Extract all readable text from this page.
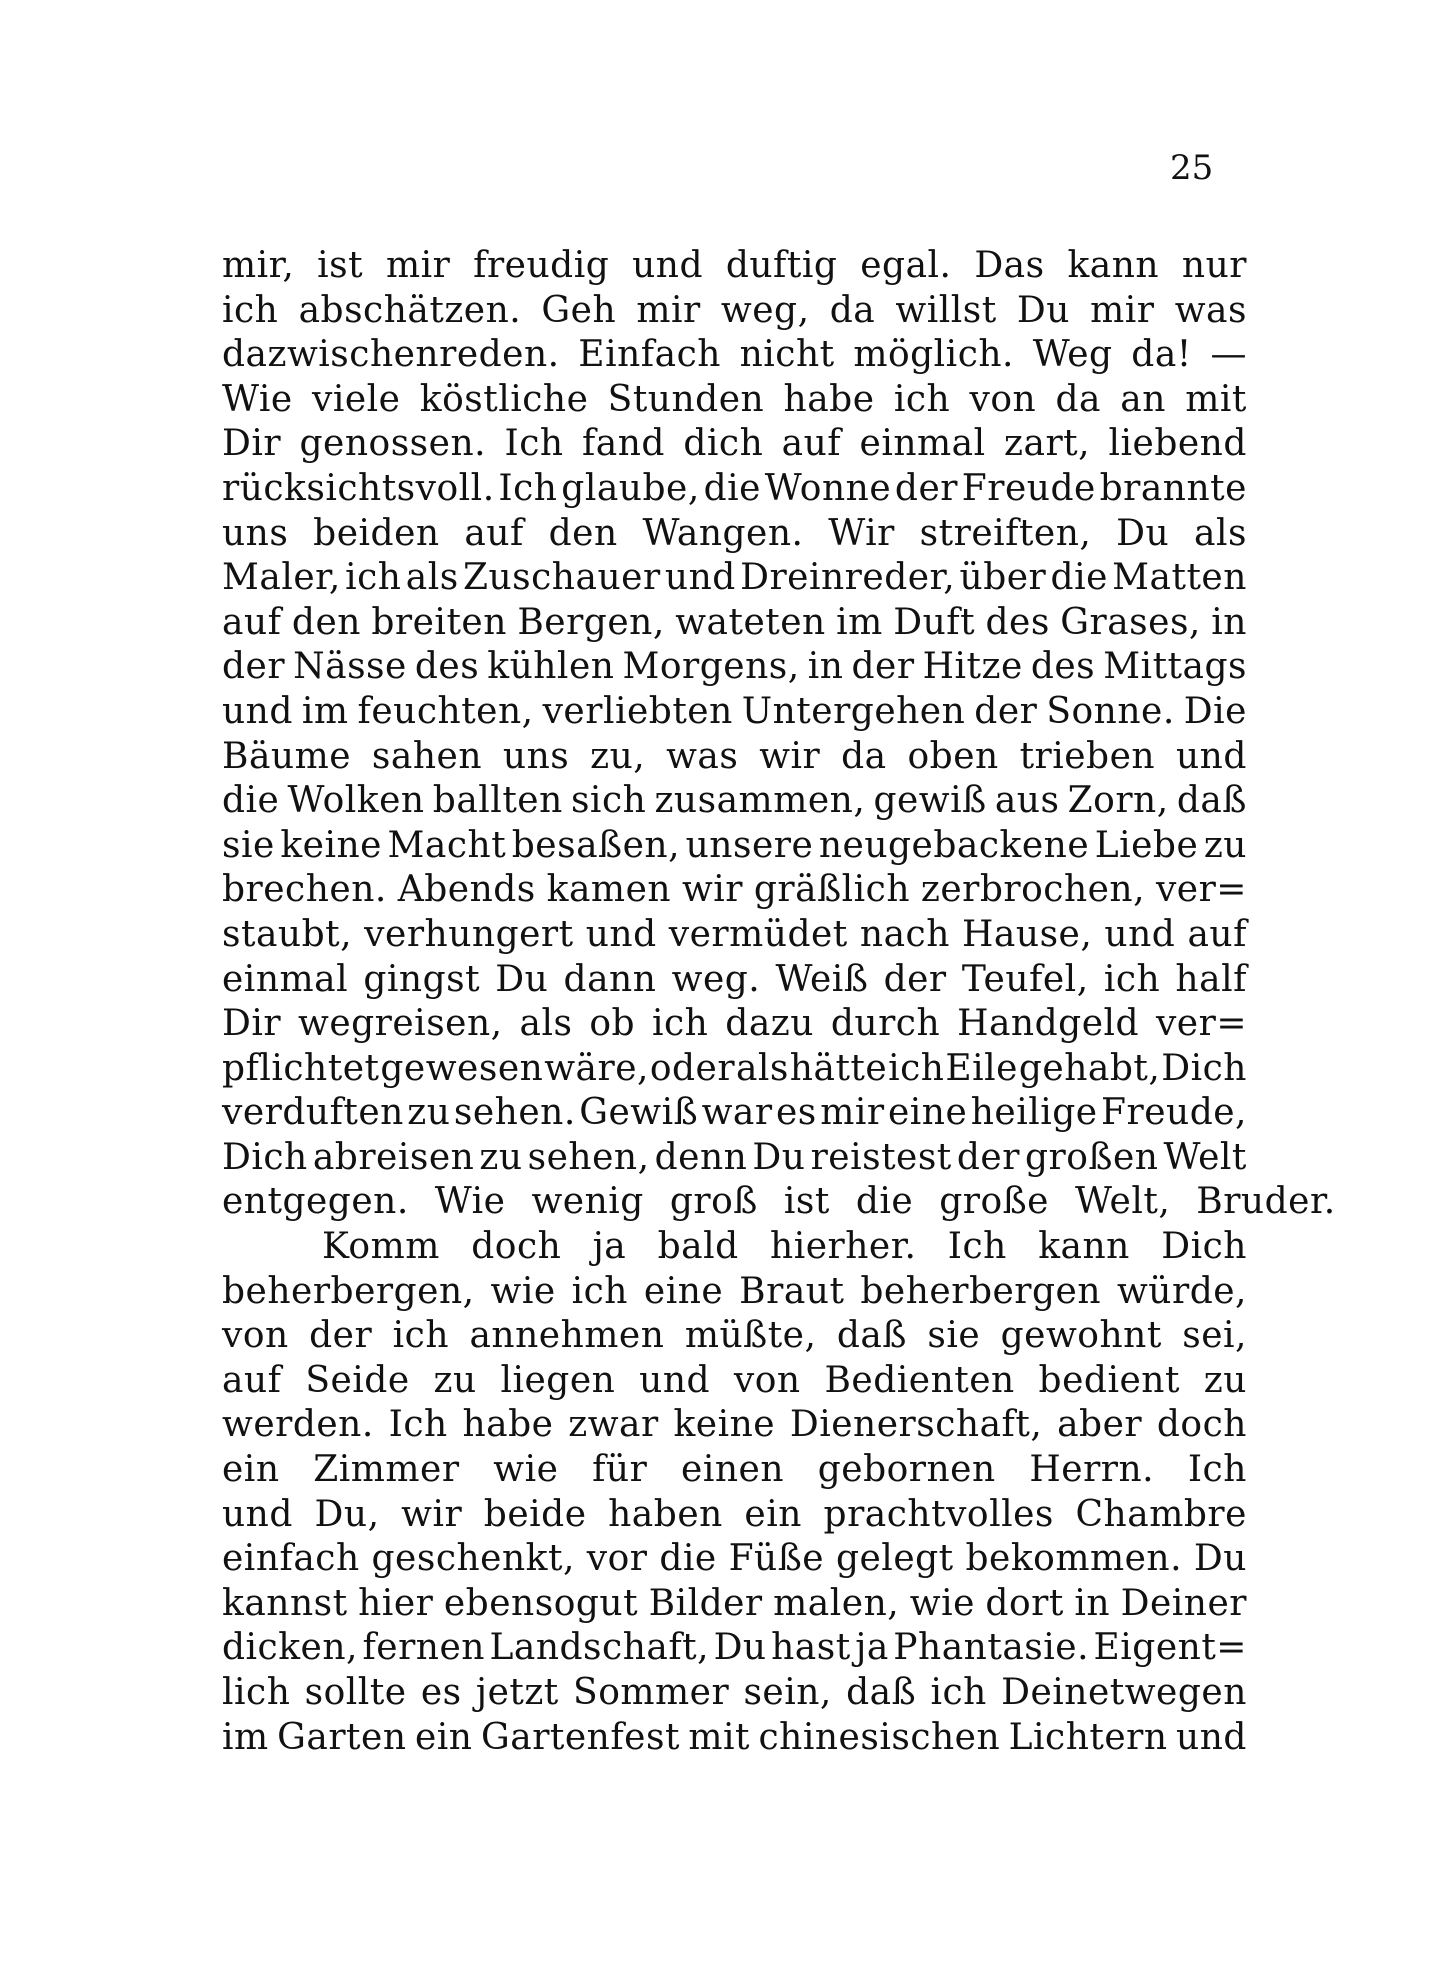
25
mir, ist mir freudig und duftig egal. Das kann nur
ich abschätzen. Geh mir weg, da willst Du mir was
dazwischenreden. Einfach nicht möglich. Weg da! —
Wie viele köstliche Stunden habe ich von da an mit
Dir genossen. Ich fand dich auf einmal zart, liebend
rücksichtsvoll. Ich glaube, die Wonne der Freude brannte
uns beiden auf den Wangen. Wir streiften, Du als
Maler, ich als Zuschauer und Dreinreder, über die Matten
auf den breiten Bergen, wateten im Duft des Grases, in
der Nässe des kühlen Morgens, in der Hitze des Mittags
und im feuchten, verliebten Untergehen der Sonne. Die
Bäume sahen uns zu, was wir da oben trieben und
die Wolken ballten sich zusammen, gewiß aus Zorn, daß
sie keine Macht besaßen, unsere neugebackene Liebe zu
brechen. Abends kamen wir gräßlich zerbrochen, ver=
staubt, verhungert und vermüdet nach Hause, und auf
einmal gingst Du dann weg. Weiß der Teufel, ich half
Dir wegreisen, als ob ich dazu durch Handgeld ver=
pflichtet gewesen wäre, oder als hätte ich Eile gehabt, Dich
verduften zu sehen. Gewiß war es mir eine heilige Freude,
Dich abreisen zu sehen, denn Du reistest der großen Welt
entgegen. Wie wenig groß ist die große Welt, Bruder.
Komm doch ja bald hierher. Ich kann Dich
beherbergen, wie ich eine Braut beherbergen würde,
von der ich annehmen müßte, daß sie gewohnt sei,
auf Seide zu liegen und von Bedienten bedient zu
werden. Ich habe zwar keine Dienerschaft, aber doch
ein Zimmer wie für einen gebornen Herrn. Ich
und Du, wir beide haben ein prachtvolles Chambre
einfach geschenkt, vor die Füße gelegt bekommen. Du
kannst hier ebensogut Bilder malen, wie dort in Deiner
dicken, fernen Landschaft, Du hast ja Phantasie. Eigent=
lich sollte es jetzt Sommer sein, daß ich Deinetwegen
im Garten ein Gartenfest mit chinesischen Lichtern und
